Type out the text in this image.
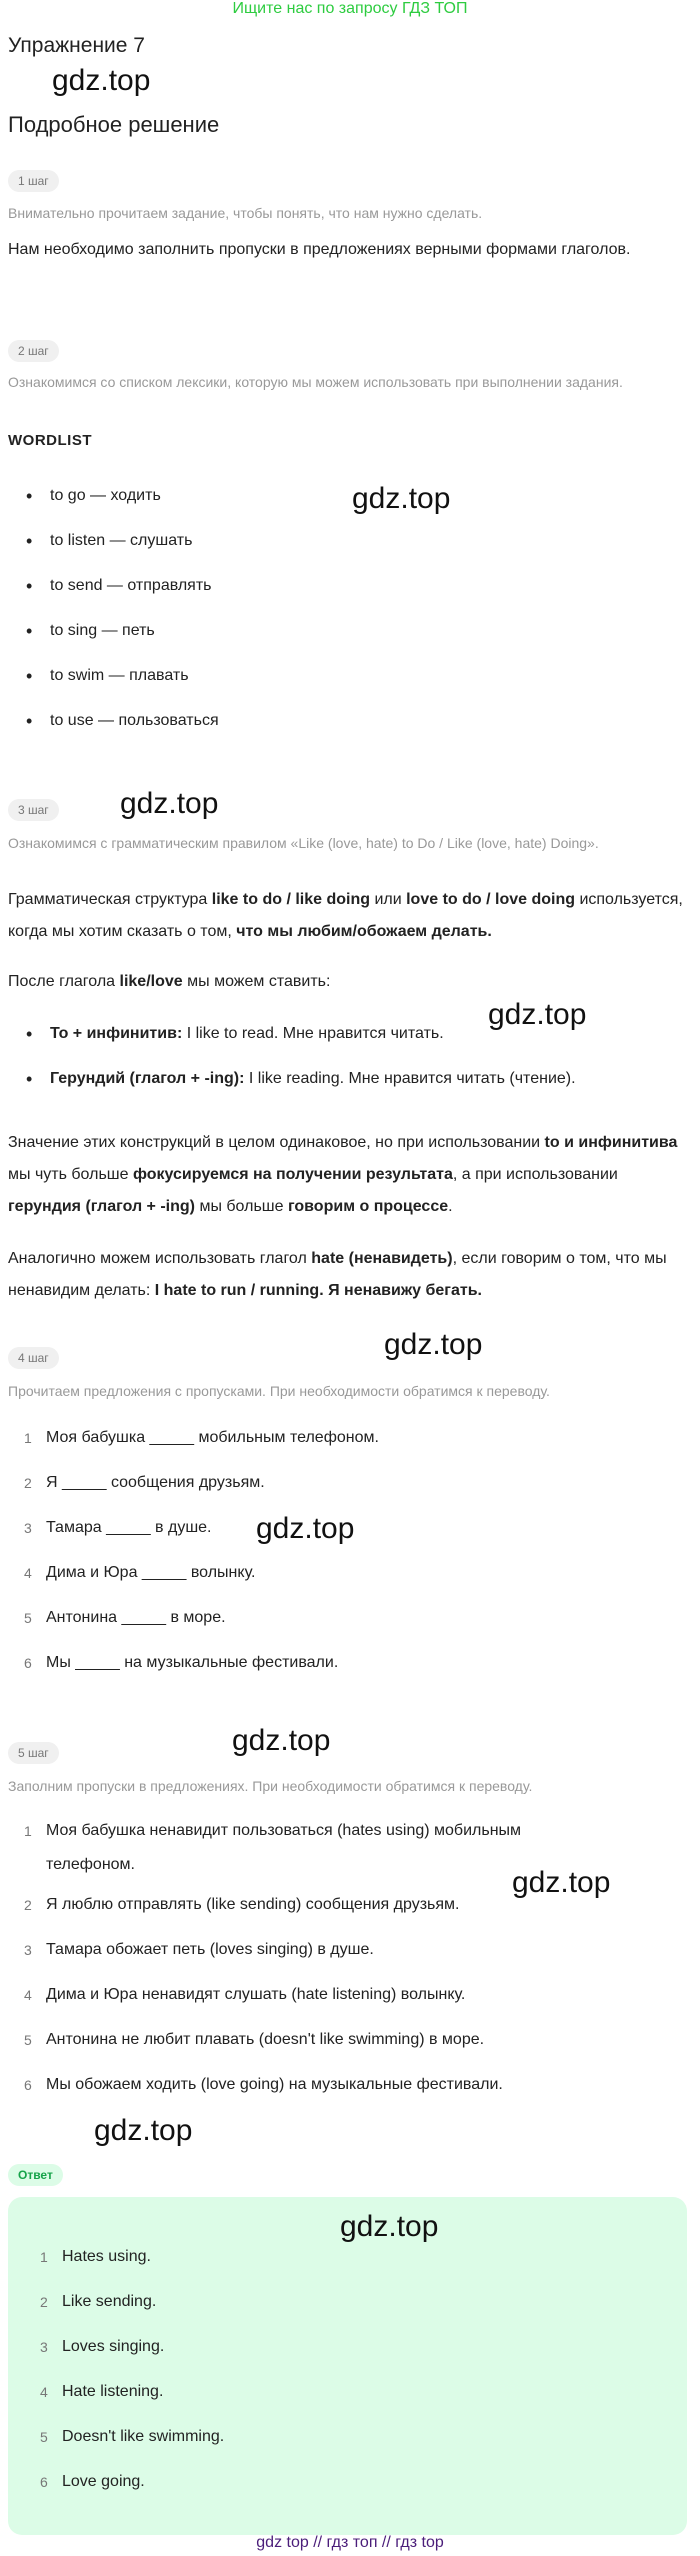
Ищите нас по запросу ГДЗ ТОП
Упражнение 7
gdz.top
Подробное решение
1 шаг
Внимательно прочитаем задание, чтобы понять, что нам нужно сделать.
Нам необходимо заполнить пропуски в предложениях верными формами глаголов.
2 шаг
Ознакомимся со списком лексики, которую мы можем использовать при выполнении задания.
WORDLIST
gdz.top
• to go — ходить
• to listen — слушать
• to send — отправлять
• to sing — петь
• to swim — плавать
• to use — пользоваться
3 шаг	gdz.top
Ознакомимся с грамматическим правилом «Like (love, hate) to Do / Like (love, hate) Doing».
Грамматическая структура like to do / like doing или love to do / love doing используется, когда мы хотим сказать о том, что мы любим/обожаем делать.
После глагола like/love мы можем ставить:
gdz.top
• To + инфинитив: I like to read. Мне нравится читать.
• Герундий (глагол + -ing): I like reading. Мне нравится читать (чтение).
Значение этих конструкций в целом одинаковое, но при использовании to и инфинитива мы чуть больше фокусируемся на получении результата, а при использовании герундия (глагол + -ing) мы больше говорим о процессе.
Аналогично можем использовать глагол hate (ненавидеть), если говорим о том, что мы ненавидим делать: I hate to run / running. Я ненавижу бегать.
gdz.top
4 шаг
Прочитаем предложения с пропусками. При необходимости обратимся к переводу.
gdz.top
1 Моя бабушка _____ мобильным телефоном.
2 Я _____ сообщения друзьям.
3 Тамара _____ в душе.
4 Дима и Юра _____ волынку.
5 Антонина _____ в море.
6 Мы _____ на музыкальные фестивали.
gdz.top
5 шаг
Заполним пропуски в предложениях. При необходимости обратимся к переводу.
gdz.top
1 Моя бабушка ненавидит пользоваться (hates using) мобильным телефоном.
2 Я люблю отправлять (like sending) сообщения друзьям.
3 Тамара обожает петь (loves singing) в душе.
4 Дима и Юра ненавидят слушать (hate listening) волынку.
5 Антонина не любит плавать (doesn't like swimming) в море.
6 Мы обожаем ходить (love going) на музыкальные фестивали.
gdz.top
Ответ
gdz.top
1 Hates using.
2 Like sending.
3 Loves singing.
4 Hate listening.
5 Doesn't like swimming.
6 Love going.
gdz top // гдз топ // гдз top
